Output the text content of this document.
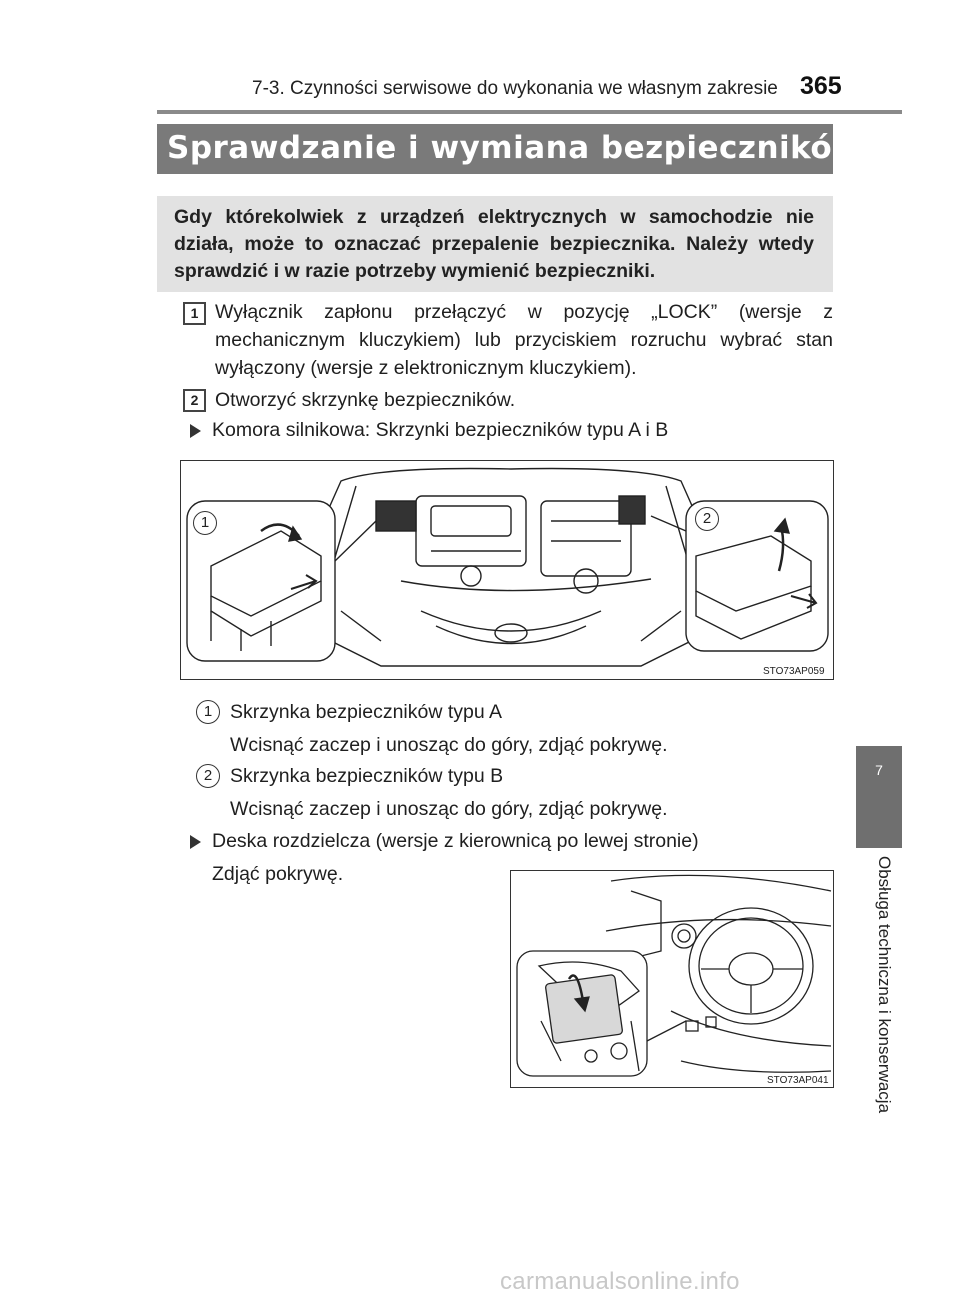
7-3. Czynności serwisowe do wykonania we własnym zakresie 365
Sprawdzanie i wymiana bezpieczników

Gdy którekolwiek z urządzeń elektrycznych w samochodzie nie działa, może to oznaczać przepalenie bezpiecznika. Należy wtedy sprawdzić i w razie potrzeby wymienić bezpieczniki.

1 Wyłącznik zapłonu przełączyć w pozycję „LOCK” (wersje z mechanicznym kluczykiem) lub przyciskiem rozruchu wybrać stan wyłączony (wersje z elektronicznym kluczykiem).
2 Otworzyć skrzynkę bezpieczników.
Komora silnikowa: Skrzynki bezpieczników typu A i B
1	2
STO73AP059
1 Skrzynka bezpieczników typu A
Wcisnąć zaczep i unosząc do góry, zdjąć pokrywę.
2 Skrzynka bezpieczników typu B
Wcisnąć zaczep i unosząc do góry, zdjąć pokrywę.
Deska rozdzielcza (wersje z kierownicą po lewej stronie)
Zdjąć pokrywę.
STO73AP041
7
Obsługa techniczna i konserwacja
carmanualsonline.info
